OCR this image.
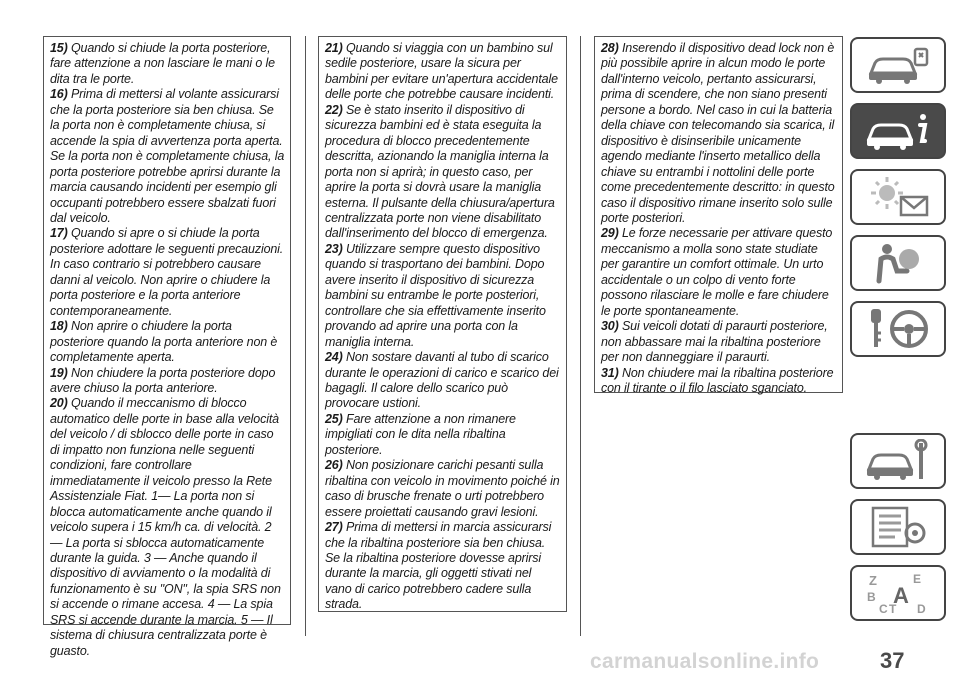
15) Quando si chiude la porta posteriore, fare attenzione a non lasciare le mani o le dita tra le porte.

16) Prima di mettersi al volante assicurarsi che la porta posteriore sia ben chiusa. Se la porta non è completamente chiusa, si accende la spia di avvertenza porta aperta. Se la porta non è completamente chiusa, la porta posteriore potrebbe aprirsi durante la marcia causando incidenti per esempio gli occupanti potrebbero essere sbalzati fuori dal veicolo.

17) Quando si apre o si chiude la porta posteriore adottare le seguenti precauzioni. In caso contrario si potrebbero causare danni al veicolo. Non aprire o chiudere la porta posteriore e la porta anteriore contemporaneamente.

18) Non aprire o chiudere la porta posteriore quando la porta anteriore non è completamente aperta.

19) Non chiudere la porta posteriore dopo avere chiuso la porta anteriore.

20) Quando il meccanismo di blocco automatico delle porte in base alla velocità del veicolo / di sblocco delle porte in caso di impatto non funziona nelle seguenti condizioni, fare controllare immediatamente il veicolo presso la Rete Assistenziale Fiat. 1— La porta non si blocca automaticamente anche quando il veicolo supera i 15 km/h ca. di velocità. 2 — La porta si sblocca automaticamente durante la guida. 3 — Anche quando il dispositivo di avviamento o la modalità di funzionamento è su "ON", la spia SRS non si accende o rimane accesa. 4 — La spia SRS si accende durante la marcia. 5 — Il sistema di chiusura centralizzata porte è guasto.

21) Quando si viaggia con un bambino sul sedile posteriore, usare la sicura per bambini per evitare un'apertura accidentale delle porte che potrebbe causare incidenti.

22) Se è stato inserito il dispositivo di sicurezza bambini ed è stata eseguita la procedura di blocco precedentemente descritta, azionando la maniglia interna la porta non si aprirà; in questo caso, per aprire la porta si dovrà usare la maniglia esterna. Il pulsante della chiusura/apertura centralizzata porte non viene disabilitato dall'inserimento del blocco di emergenza.

23) Utilizzare sempre questo dispositivo quando si trasportano dei bambini. Dopo avere inserito il dispositivo di sicurezza bambini su entrambe le porte posteriori, controllare che sia effettivamente inserito provando ad aprire una porta con la maniglia interna.

24) Non sostare davanti al tubo di scarico durante le operazioni di carico e scarico dei bagagli. Il calore dello scarico può provocare ustioni.

25) Fare attenzione a non rimanere impigliati con le dita nella ribaltina posteriore.

26) Non posizionare carichi pesanti sulla ribaltina con veicolo in movimento poiché in caso di brusche frenate o urti potrebbero essere proiettati causando gravi lesioni.

27) Prima di mettersi in marcia assicurarsi che la ribaltina posteriore sia ben chiusa. Se la ribaltina posteriore dovesse aprirsi durante la marcia, gli oggetti stivati nel vano di carico potrebbero cadere sulla strada.

28) Inserendo il dispositivo dead lock non è più possibile aprire in alcun modo le porte dall'interno veicolo, pertanto assicurarsi, prima di scendere, che non siano presenti persone a bordo. Nel caso in cui la batteria della chiave con telecomando sia scarica, il dispositivo è disinseribile unicamente agendo mediante l'inserto metallico della chiave su entrambi i nottolini delle porte come precedentemente descritto: in questo caso il dispositivo rimane inserito solo sulle porte posteriori.

29) Le forze necessarie per attivare questo meccanismo a molla sono state studiate per garantire un comfort ottimale. Un urto accidentale o un colpo di vento forte possono rilasciare le molle e fare chiudere le porte spontaneamente.

30) Sui veicoli dotati di paraurti posteriore, non abbassare mai la ribaltina posteriore per non danneggiare il paraurti.

31) Non chiudere mai la ribaltina posteriore con il tirante o il filo lasciato sganciato.

Z	E
B A
C T D
carmanualsonline.info	37
